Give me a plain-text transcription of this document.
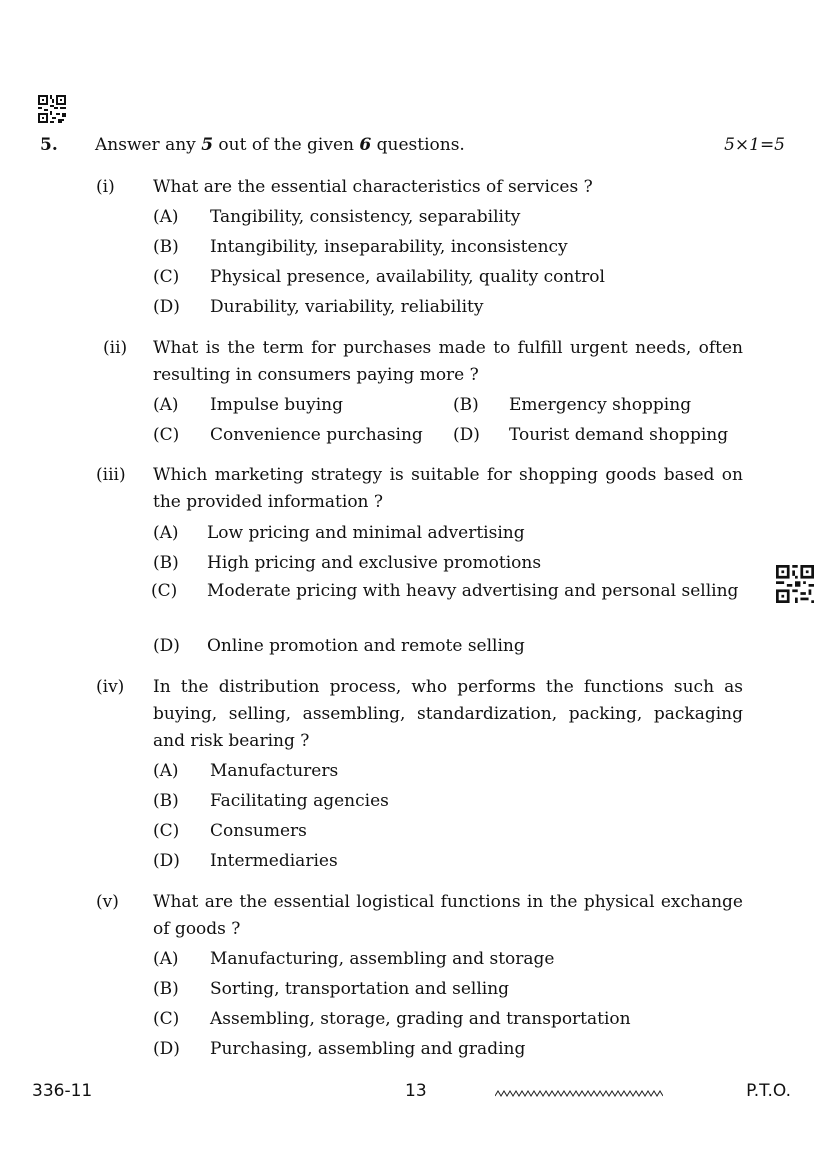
5. Answer any 5 out of the given 6 questions.	5×1=5
(i) What are the essential characteristics of services ?
(A) Tangibility, consistency, separability
(B) Intangibility, inseparability, inconsistency
(C) Physical presence, availability, quality control
(D) Durability, variability, reliability
(ii) What is the term for purchases made to fulfill urgent needs, often resulting in consumers paying more ?
(A) Impulse buying	(B) Emergency shopping
(C) Convenience purchasing (D) Tourist demand shopping
(iii) Which marketing strategy is suitable for shopping goods based on the provided information ?
(A) Low pricing and minimal advertising
(B) High pricing and exclusive promotions
(C) Moderate pricing with heavy advertising and personal selling
(D) Online promotion and remote selling
(iv) In the distribution process, who performs the functions such as buying, selling, assembling, standardization, packing, packaging and risk bearing ?
(A) Manufacturers
(B) Facilitating agencies
(C) Consumers
(D) Intermediaries
(v) What are the essential logistical functions in the physical exchange of goods ?
(A) Manufacturing, assembling and storage
(B) Sorting, transportation and selling
(C) Assembling, storage, grading and transportation
(D) Purchasing, assembling and grading
336-11	13	P.T.O.
